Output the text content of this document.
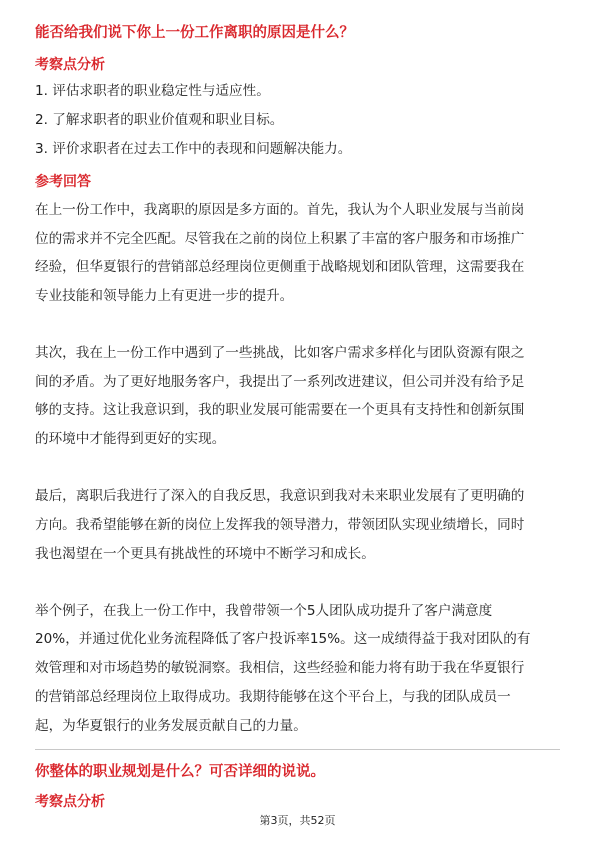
能否给我们说下你上一份工作离职的原因是什么？
考察点分析
1. 评估求职者的职业稳定性与适应性。
2. 了解求职者的职业价值观和职业目标。
3. 评价求职者在过去工作中的表现和问题解决能力。
参考回答
在上一份工作中，我离职的原因是多方面的。首先，我认为个人职业发展与当前岗
位的需求并不完全匹配。尽管我在之前的岗位上积累了丰富的客户服务和市场推广
经验，但华夏银行的营销部总经理岗位更侧重于战略规划和团队管理，这需要我在
专业技能和领导能力上有更进一步的提升。
其次，我在上一份工作中遇到了一些挑战，比如客户需求多样化与团队资源有限之
间的矛盾。为了更好地服务客户，我提出了一系列改进建议，但公司并没有给予足
够的支持。这让我意识到，我的职业发展可能需要在一个更具有支持性和创新氛围
的环境中才能得到更好的实现。
最后，离职后我进行了深入的自我反思，我意识到我对未来职业发展有了更明确的
方向。我希望能够在新的岗位上发挥我的领导潜力，带领团队实现业绩增长，同时
我也渴望在一个更具有挑战性的环境中不断学习和成长。
举个例子，在我上一份工作中，我曾带领一个5人团队成功提升了客户满意度
20%，并通过优化业务流程降低了客户投诉率15%。这一成绩得益于我对团队的有
效管理和对市场趋势的敏锐洞察。我相信，这些经验和能力将有助于我在华夏银行
的营销部总经理岗位上取得成功。我期待能够在这个平台上，与我的团队成员一
起，为华夏银行的业务发展贡献自己的力量。
你整体的职业规划是什么？可否详细的说说。
考察点分析
第3页，共52页
